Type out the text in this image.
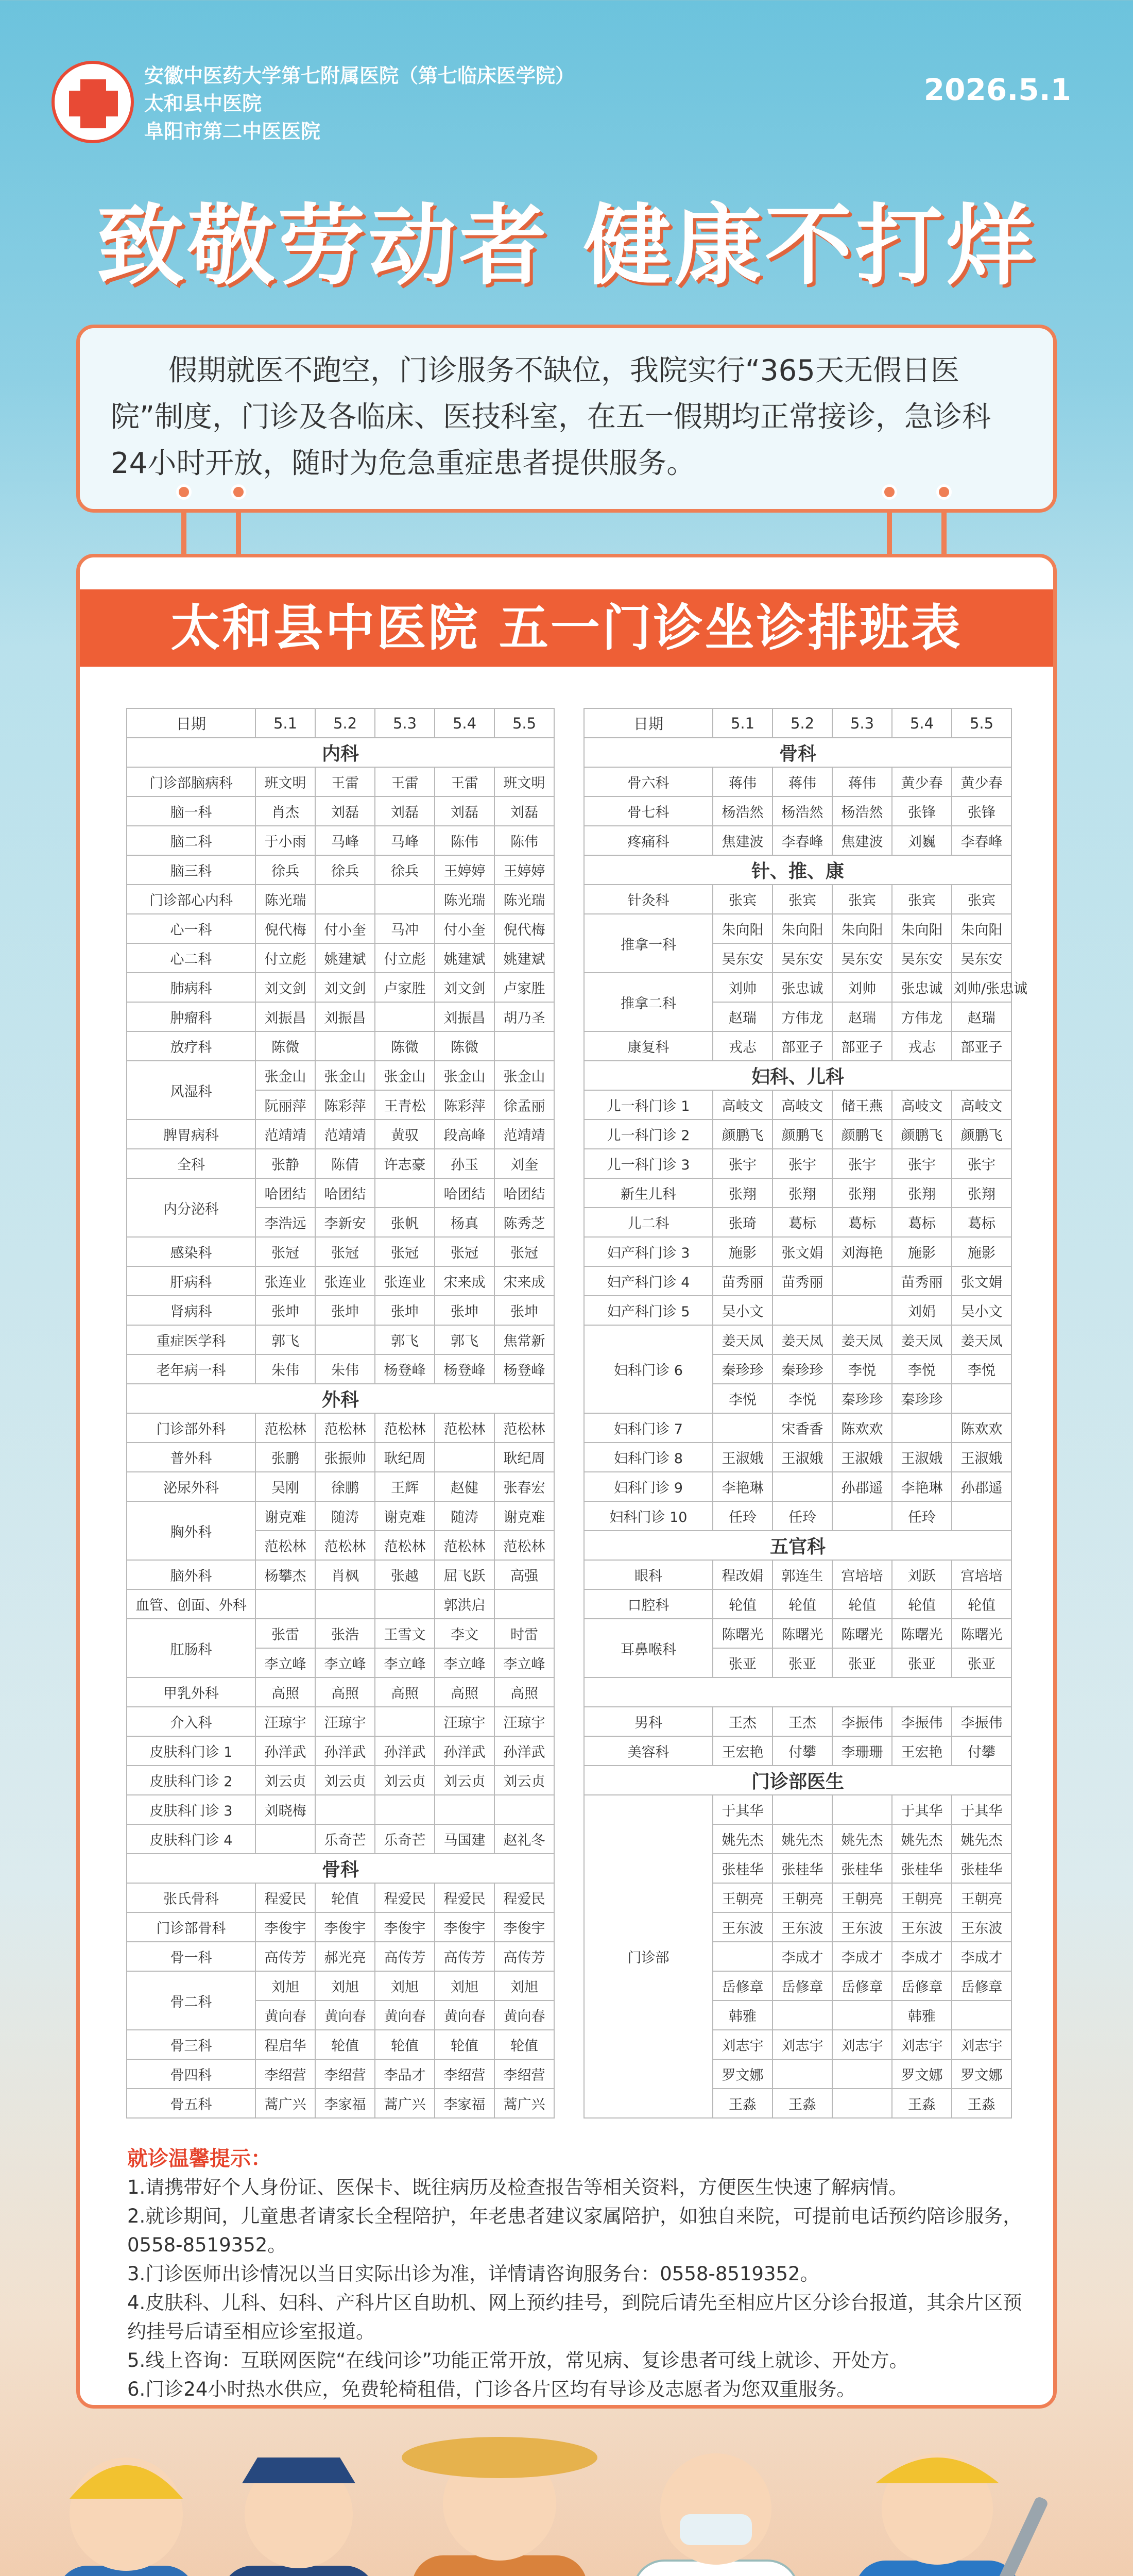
安徽中医药大学第七附属医院（第七临床医学院）
太和县中医院
阜阳市第二中医医院
2026.5.1
致敬劳动者 健康不打烊
假期就医不跑空，门诊服务不缺位，我院实行“365天无假日医院”制度，门诊及各临床、医技科室，在五一假期均正常接诊，急诊科24小时开放，随时为危急重症患者提供服务。
太和县中医院 五一门诊坐诊排班表
日期	5.1	5.2	5.3	5.4	5.5
内科					
门诊部脑病科	班文明	王雷	王雷	王雷	班文明
脑一科	肖杰	刘磊	刘磊	刘磊	刘磊
脑二科	于小雨	马峰	马峰	陈伟	陈伟
脑三科	徐兵	徐兵	徐兵	王婷婷	王婷婷
门诊部心内科	陈光瑞			陈光瑞	陈光瑞
心一科	倪代梅	付小奎	马冲	付小奎	倪代梅
心二科	付立彪	姚建斌	付立彪	姚建斌	姚建斌
肺病科	刘文剑	刘文剑	卢家胜	刘文剑	卢家胜
肿瘤科	刘振昌	刘振昌		刘振昌	胡乃圣
放疗科	陈微		陈微	陈微	
风湿科	张金山	张金山	张金山	张金山	张金山
	阮丽萍	陈彩萍	王青松	陈彩萍	徐孟丽
脾胃病科	范靖靖	范靖靖	黄驭	段高峰	范靖靖
全科	张静	陈倩	许志豪	孙玉	刘奎
内分泌科	哈团结	哈团结		哈团结	哈团结
	李浩远	李新安	张帆	杨真	陈秀芝
感染科	张冠	张冠	张冠	张冠	张冠
肝病科	张连业	张连业	张连业	宋来成	宋来成
肾病科	张坤	张坤	张坤	张坤	张坤
重症医学科	郭飞		郭飞	郭飞	焦常新
老年病一科	朱伟	朱伟	杨登峰	杨登峰	杨登峰
外科					
门诊部外科	范松林	范松林	范松林	范松林	范松林
普外科	张鹏	张振帅	耿纪周		耿纪周
泌尿外科	吴刚	徐鹏	王辉	赵健	张春宏
胸外科	谢克难	随涛	谢克难	随涛	谢克难
	范松林	范松林	范松林	范松林	范松林
脑外科	杨攀杰	肖枫	张越	屈飞跃	高强
血管、创面、外科				郭洪启	
肛肠科	张雷	张浩	王雪文	李文	时雷
	李立峰	李立峰	李立峰	李立峰	李立峰
甲乳外科	高照	高照	高照	高照	高照
介入科	汪琼宇	汪琼宇		汪琼宇	汪琼宇
皮肤科门诊 1	孙洋武	孙洋武	孙洋武	孙洋武	孙洋武
皮肤科门诊 2	刘云贞	刘云贞	刘云贞	刘云贞	刘云贞
皮肤科门诊 3	刘晓梅				
皮肤科门诊 4		乐奇芒	乐奇芒	马国建	赵礼冬
骨科					
张氏骨科	程爱民	轮值	程爱民	程爱民	程爱民
门诊部骨科	李俊宇	李俊宇	李俊宇	李俊宇	李俊宇
骨一科	高传芳	郝光亮	高传芳	高传芳	高传芳
骨二科	刘旭	刘旭	刘旭	刘旭	刘旭
	黄向春	黄向春	黄向春	黄向春	黄向春
骨三科	程启华	轮值	轮值	轮值	轮值
骨四科	李绍营	李绍营	李品才	李绍营	李绍营
骨五科	蒿广兴	李家福	蒿广兴	李家福	蒿广兴
日期	5.1	5.2	5.3	5.4	5.5
骨科					
骨六科	蒋伟	蒋伟	蒋伟	黄少春	黄少春
骨七科	杨浩然	杨浩然	杨浩然	张锋	张锋
疼痛科	焦建波	李春峰	焦建波	刘巍	李春峰
针、推、康					
针灸科	张宾	张宾	张宾	张宾	张宾
推拿一科	朱向阳	朱向阳	朱向阳	朱向阳	朱向阳
	吴东安	吴东安	吴东安	吴东安	吴东安
推拿二科	刘帅	张忠诚	刘帅	张忠诚	刘帅/张忠诚
	赵瑞	方伟龙	赵瑞	方伟龙	赵瑞
康复科	戎志	部亚子	部亚子	戎志	部亚子
妇科、儿科					
儿一科门诊 1	高岐文	高岐文	储王燕	高岐文	高岐文
儿一科门诊 2	颜鹏飞	颜鹏飞	颜鹏飞	颜鹏飞	颜鹏飞
儿一科门诊 3	张宇	张宇	张宇	张宇	张宇
新生儿科	张翔	张翔	张翔	张翔	张翔
儿二科	张琦	葛标	葛标	葛标	葛标
妇产科门诊 3	施影	张文娟	刘海艳	施影	施影
妇产科门诊 4	苗秀丽	苗秀丽		苗秀丽	张文娟
妇产科门诊 5	吴小文			刘娟	吴小文
妇科门诊 6	姜天凤	姜天凤	姜天凤	姜天凤	姜天凤
	秦珍珍	秦珍珍	李悦	李悦	李悦
	李悦	李悦	秦珍珍	秦珍珍	
妇科门诊 7		宋香香	陈欢欢		陈欢欢
妇科门诊 8	王淑娥	王淑娥	王淑娥	王淑娥	王淑娥
妇科门诊 9	李艳琳		孙郡遥	李艳琳	孙郡遥
妇科门诊 10	任玲	任玲		任玲	
五官科					
眼科	程改娟	郭连生	宫培培	刘跃	宫培培
口腔科	轮值	轮值	轮值	轮值	轮值
耳鼻喉科	陈曙光	陈曙光	陈曙光	陈曙光	陈曙光
	张亚	张亚	张亚	张亚	张亚

男科	王杰	王杰	李振伟	李振伟	李振伟
美容科	王宏艳	付攀	李珊珊	王宏艳	付攀
门诊部医生					
门诊部	于其华			于其华	于其华
	姚先杰	姚先杰	姚先杰	姚先杰	姚先杰
	张桂华	张桂华	张桂华	张桂华	张桂华
	王朝亮	王朝亮	王朝亮	王朝亮	王朝亮
	王东波	王东波	王东波	王东波	王东波
		李成才	李成才	李成才	李成才
	岳修章	岳修章	岳修章	岳修章	岳修章
	韩雅			韩雅	
	刘志宇	刘志宇	刘志宇	刘志宇	刘志宇
	罗文娜			罗文娜	罗文娜
	王淼	王淼		王淼	王淼
就诊温馨提示：
1.请携带好个人身份证、医保卡、既往病历及检查报告等相关资料，方便医生快速了解病情。
2.就诊期间，儿童患者请家长全程陪护，年老患者建议家属陪护，如独自来院，可提前电话预约陪诊服务，0558-8519352。
3.门诊医师出诊情况以当日实际出诊为准，详情请咨询服务台：0558-8519352。
4.皮肤科、儿科、妇科、产科片区自助机、网上预约挂号，到院后请先至相应片区分诊台报道，其余片区预约挂号后请至相应诊室报道。
5.线上咨询：互联网医院“在线问诊”功能正常开放，常见病、复诊患者可线上就诊、开处方。
6.门诊24小时热水供应，免费轮椅租借，门诊各片区均有导诊及志愿者为您双重服务。
